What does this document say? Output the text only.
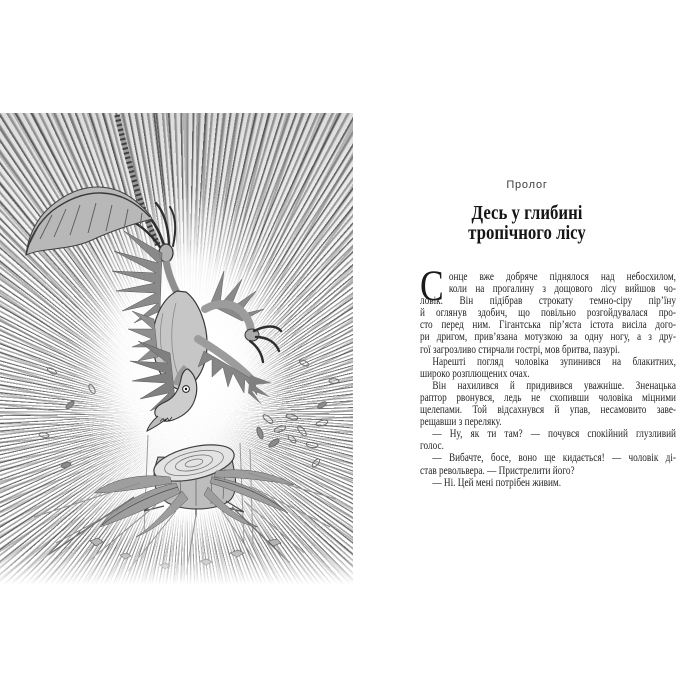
Пролог
Десь у глибині
тропічного лісу
С онце вже добряче піднялося над небосхилом,
коли на прогалину з дощового лісу вийшов чо-
ловік. Він підібрав строкату темно-сіру пір’їну
й оглянув здобич, що повільно розгойдувалася про-
сто перед ним. Гігантська пір’яста істота висіла дого-
ри дригом, прив’язана мотузкою за одну ногу, а з дру-
гої загрозливо стирчали гострі, мов бритва, пазурі.
Нарешті погляд чоловіка зупинився на блакитних,
широко розплющених очах.
Він нахилився й придивився уважніше. Зненацька
раптор рвонувся, ледь не схопивши чоловіка міцними
щелепами. Той відсахнувся й упав, несамовито заве-
рещавши з переляку.
— Ну, як ти там? — почувся спокійний глузливий
голос.
— Вибачте, босе, воно ще кидається! — чоловік ді-
став револьвера. — Пристрелити його?
— Ні. Цей мені потрібен живим.
